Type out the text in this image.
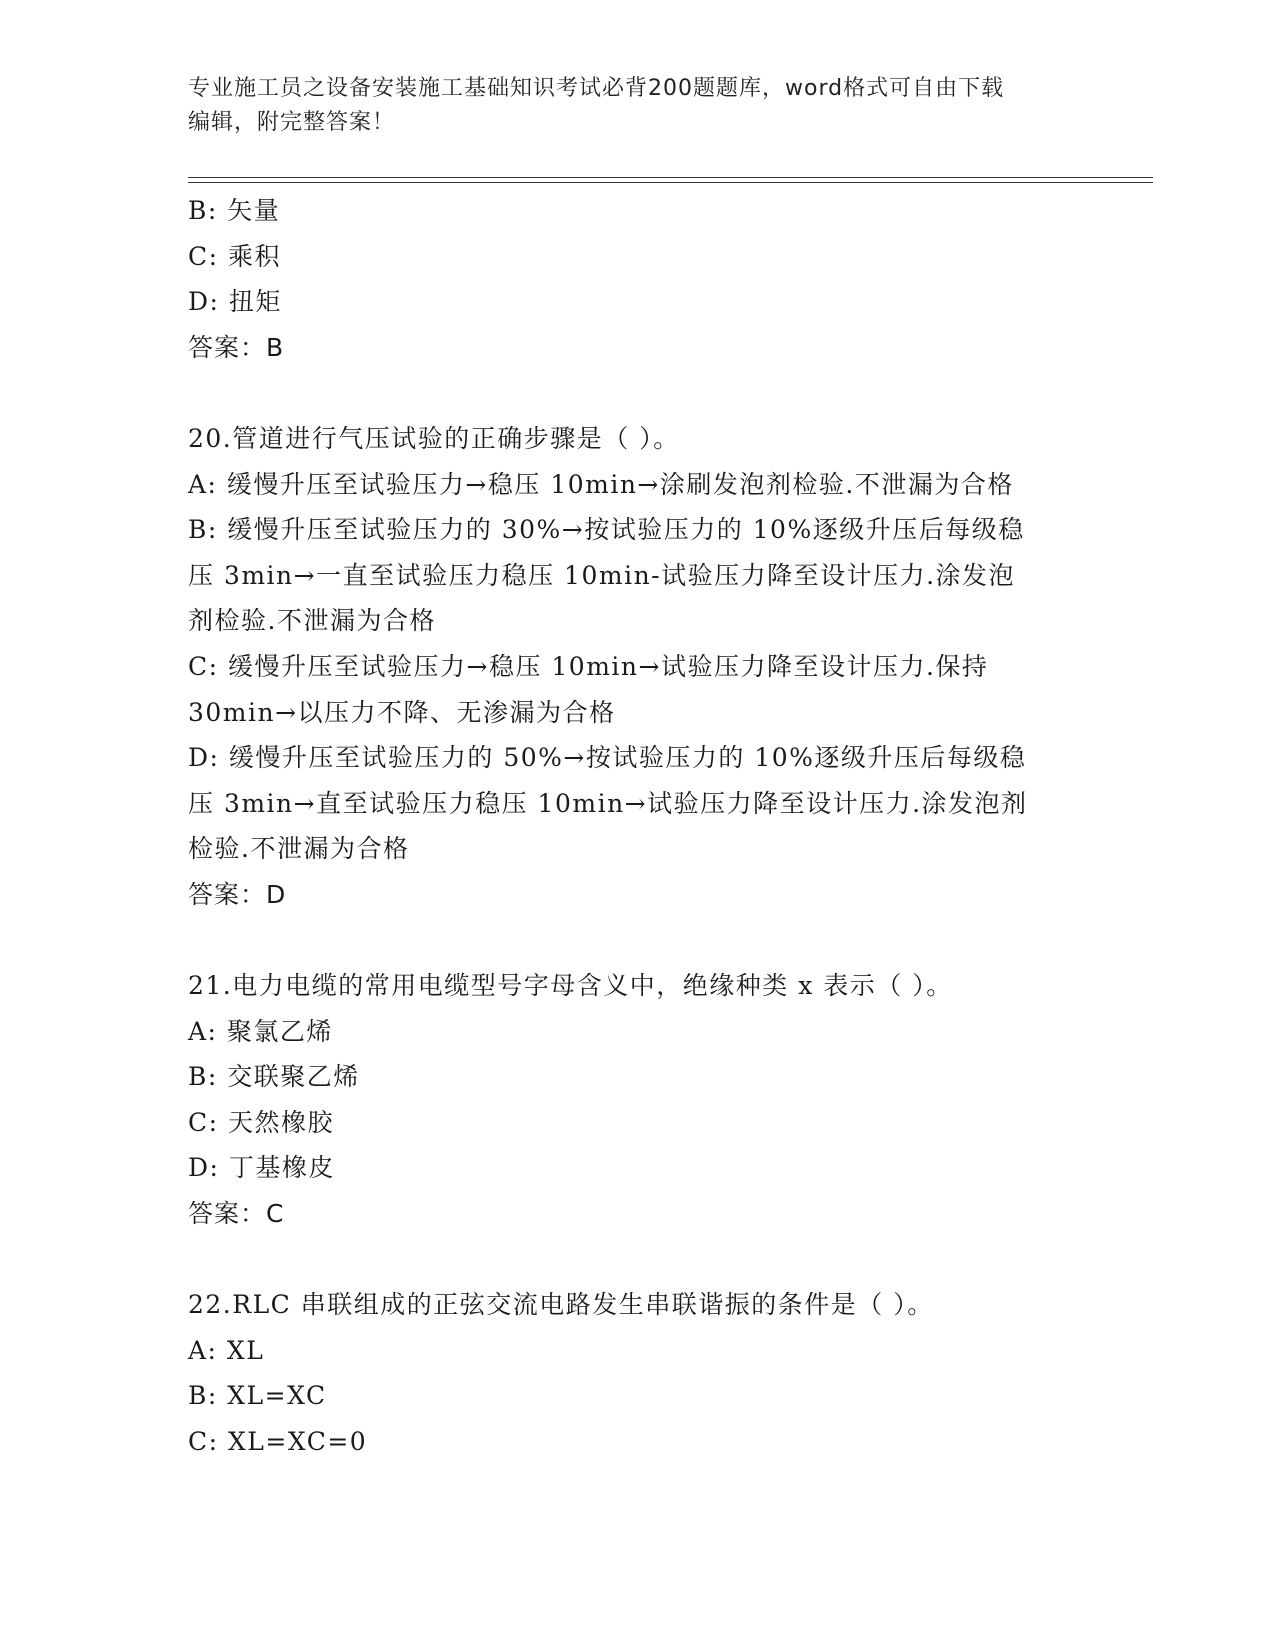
专业施工员之设备安装施工基础知识考试必背200题题库，word格式可自由下载
编辑，附完整答案！
B: 矢量
C: 乘积
D: 扭矩
答案：B
20.管道进行气压试验的正确步骤是（ ）。
A: 缓慢升压至试验压力→稳压 10min→涂刷发泡剂检验.不泄漏为合格
B: 缓慢升压至试验压力的 30%→按试验压力的 10%逐级升压后每级稳
压 3min→一直至试验压力稳压 10min-试验压力降至设计压力.涂发泡
剂检验.不泄漏为合格
C: 缓慢升压至试验压力→稳压 10min→试验压力降至设计压力.保持
30min→以压力不降、无渗漏为合格
D: 缓慢升压至试验压力的 50%→按试验压力的 10%逐级升压后每级稳
压 3min→直至试验压力稳压 10min→试验压力降至设计压力.涂发泡剂
检验.不泄漏为合格
答案：D
21.电力电缆的常用电缆型号字母含义中，绝缘种类 x 表示（ ）。
A: 聚氯乙烯
B: 交联聚乙烯
C: 天然橡胶
D: 丁基橡皮
答案：C
22.RLC 串联组成的正弦交流电路发生串联谐振的条件是（ ）。
A: XL
B: XL=XC
C: XL=XC=0
